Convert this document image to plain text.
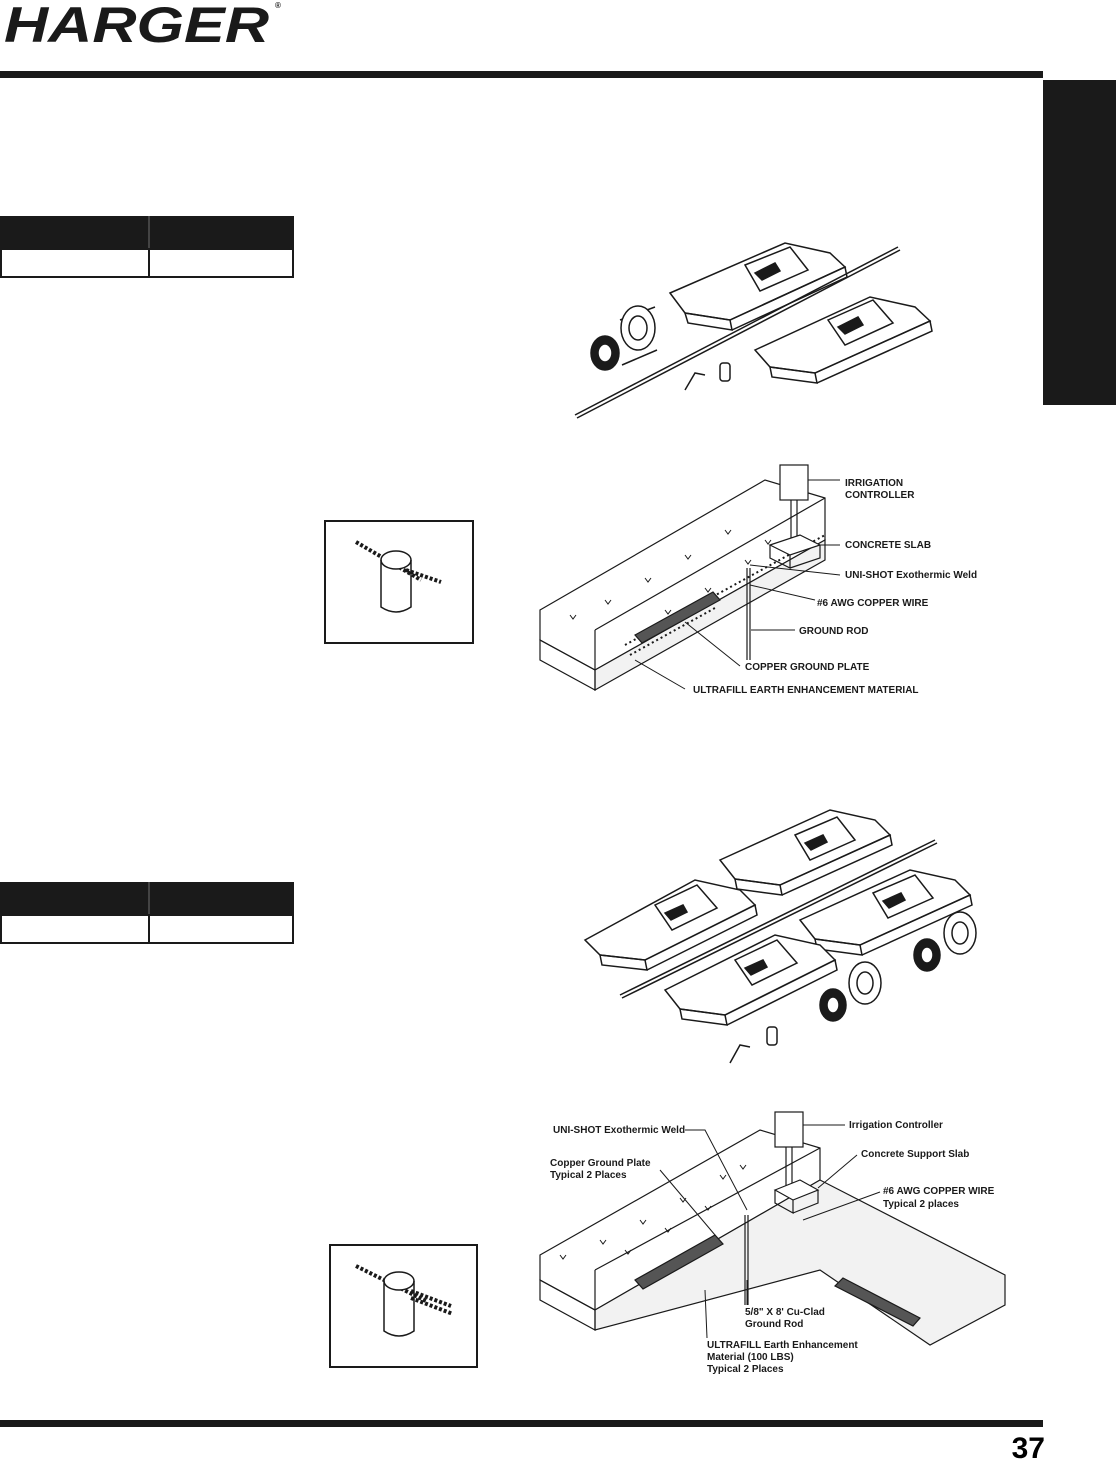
HARGER ®

IRRIGATION
CONTROLLER
CONCRETE SLAB
UNI-SHOT Exothermic Weld
#6 AWG COPPER WIRE
GROUND ROD
COPPER GROUND PLATE
ULTRAFILL EARTH ENHANCEMENT MATERIAL

UNI-SHOT Exothermic Weld
Copper Ground Plate
Typical 2 Places
Irrigation Controller
Concrete Support Slab
#6 AWG COPPER WIRE
Typical 2 places
5/8" X 8' Cu-Clad
Ground Rod
ULTRAFILL Earth Enhancement
Material (100 LBS)
Typical 2 Places
37
